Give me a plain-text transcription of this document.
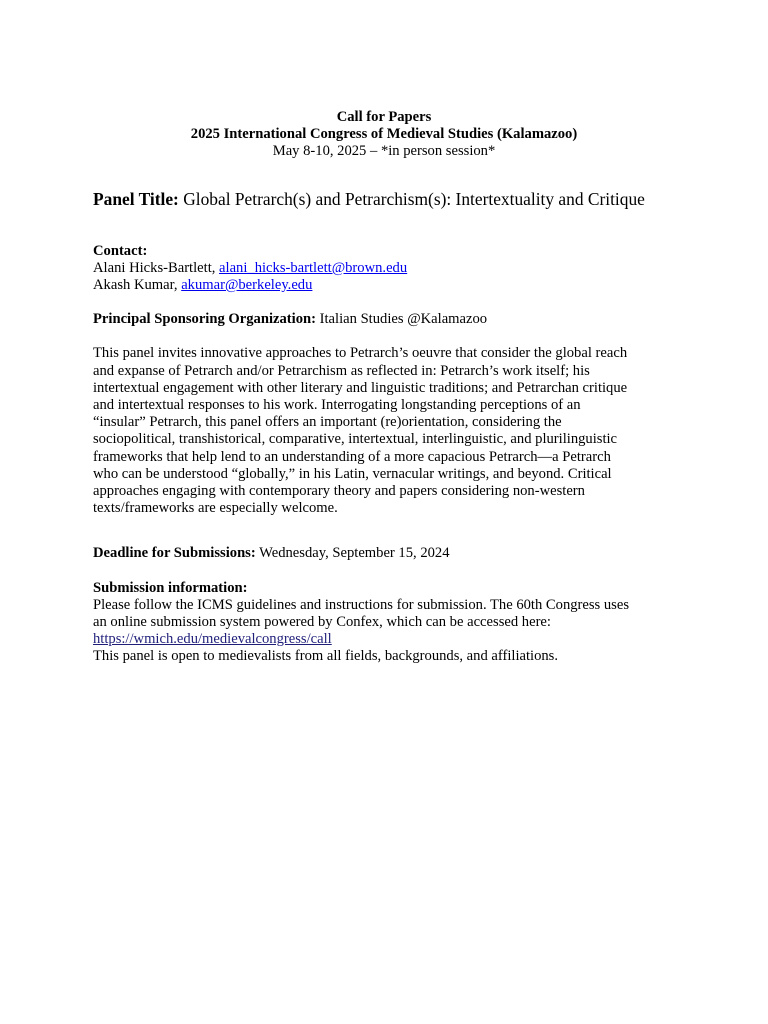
Call for Papers
2025 International Congress of Medieval Studies (Kalamazoo)
May 8-10, 2025 – *in person session*
Panel Title: Global Petrarch(s) and Petrarchism(s): Intertextuality and Critique
Contact:
Alani Hicks-Bartlett, alani_hicks-bartlett@brown.edu
Akash Kumar, akumar@berkeley.edu
Principal Sponsoring Organization: Italian Studies @Kalamazoo
This panel invites innovative approaches to Petrarch’s oeuvre that consider the global reach
and expanse of Petrarch and/or Petrarchism as reflected in: Petrarch’s work itself; his
intertextual engagement with other literary and linguistic traditions; and Petrarchan critique
and intertextual responses to his work. Interrogating longstanding perceptions of an
“insular” Petrarch, this panel offers an important (re)orientation, considering the
sociopolitical, transhistorical, comparative, intertextual, interlinguistic, and plurilinguistic
frameworks that help lend to an understanding of a more capacious Petrarch—a Petrarch
who can be understood “globally,” in his Latin, vernacular writings, and beyond. Critical
approaches engaging with contemporary theory and papers considering non-western
texts/frameworks are especially welcome.
Deadline for Submissions: Wednesday, September 15, 2024
Submission information:
Please follow the ICMS guidelines and instructions for submission. The 60th Congress uses
an online submission system powered by Confex, which can be accessed here:
https://wmich.edu/medievalcongress/call
This panel is open to medievalists from all fields, backgrounds, and affiliations.
